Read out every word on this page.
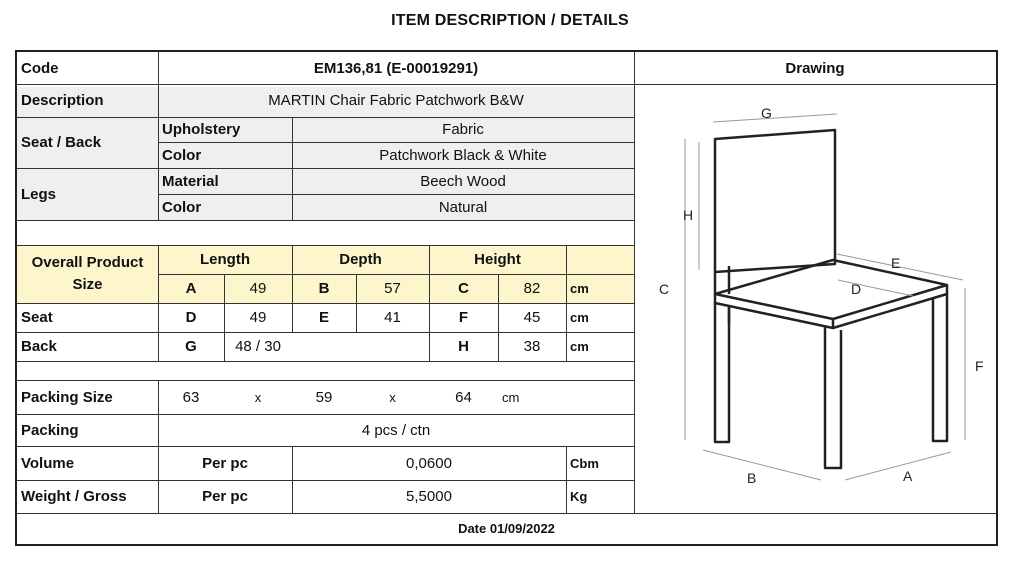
ITEM DESCRIPTION / DETAILS
Code	EM136,81 (E-00019291)	Drawing
Description	MARTIN Chair Fabric Patchwork B&W
Seat / Back
Upholstery	Fabric
Color	Patchwork Black & White
Legs
Material	Beech Wood
Color	Natural
Overall Product Size
Length	Depth	Height
A	49	B	57	C	82	cm
Seat	D	49	E	41	F	45	cm
Back	G	48 / 30	H	38	cm
Packing Size	63	x	59	x	64	cm
Packing	4 pcs / ctn
Volume	Per pc	0,0600	Cbm
Weight / Gross	Per pc	5,5000	Kg
Date 01/09/2022
G
H
C
E
D
F
B	A
